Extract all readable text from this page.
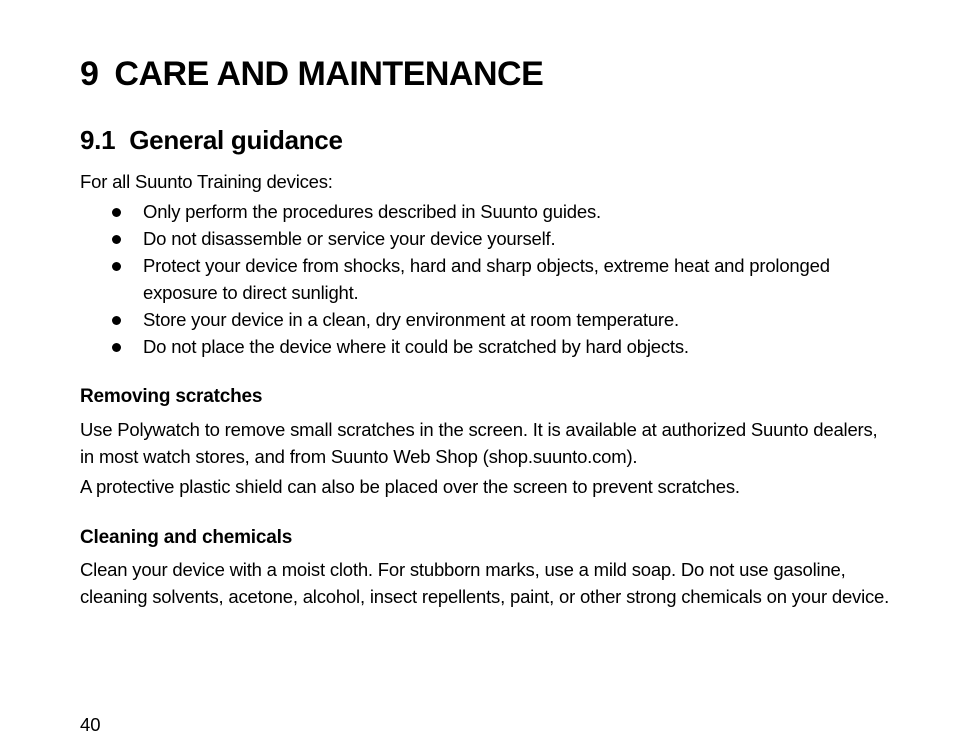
9 CARE AND MAINTENANCE
9.1 General guidance

For all Suunto Training devices:

Only perform the procedures described in Suunto guides.
Do not disassemble or service your device yourself.
Protect your device from shocks, hard and sharp objects, extreme heat and prolonged exposure to direct sunlight.
Store your device in a clean, dry environment at room temperature.
Do not place the device where it could be scratched by hard objects.
Removing scratches

Use Polywatch to remove small scratches in the screen. It is available at authorized Suunto dealers, in most watch stores, and from Suunto Web Shop (shop.suunto.com).

A protective plastic shield can also be placed over the screen to prevent scratches.

Cleaning and chemicals

Clean your device with a moist cloth. For stubborn marks, use a mild soap. Do not use gasoline, cleaning solvents, acetone, alcohol, insect repellents, paint, or other strong chemicals on your device.

40
